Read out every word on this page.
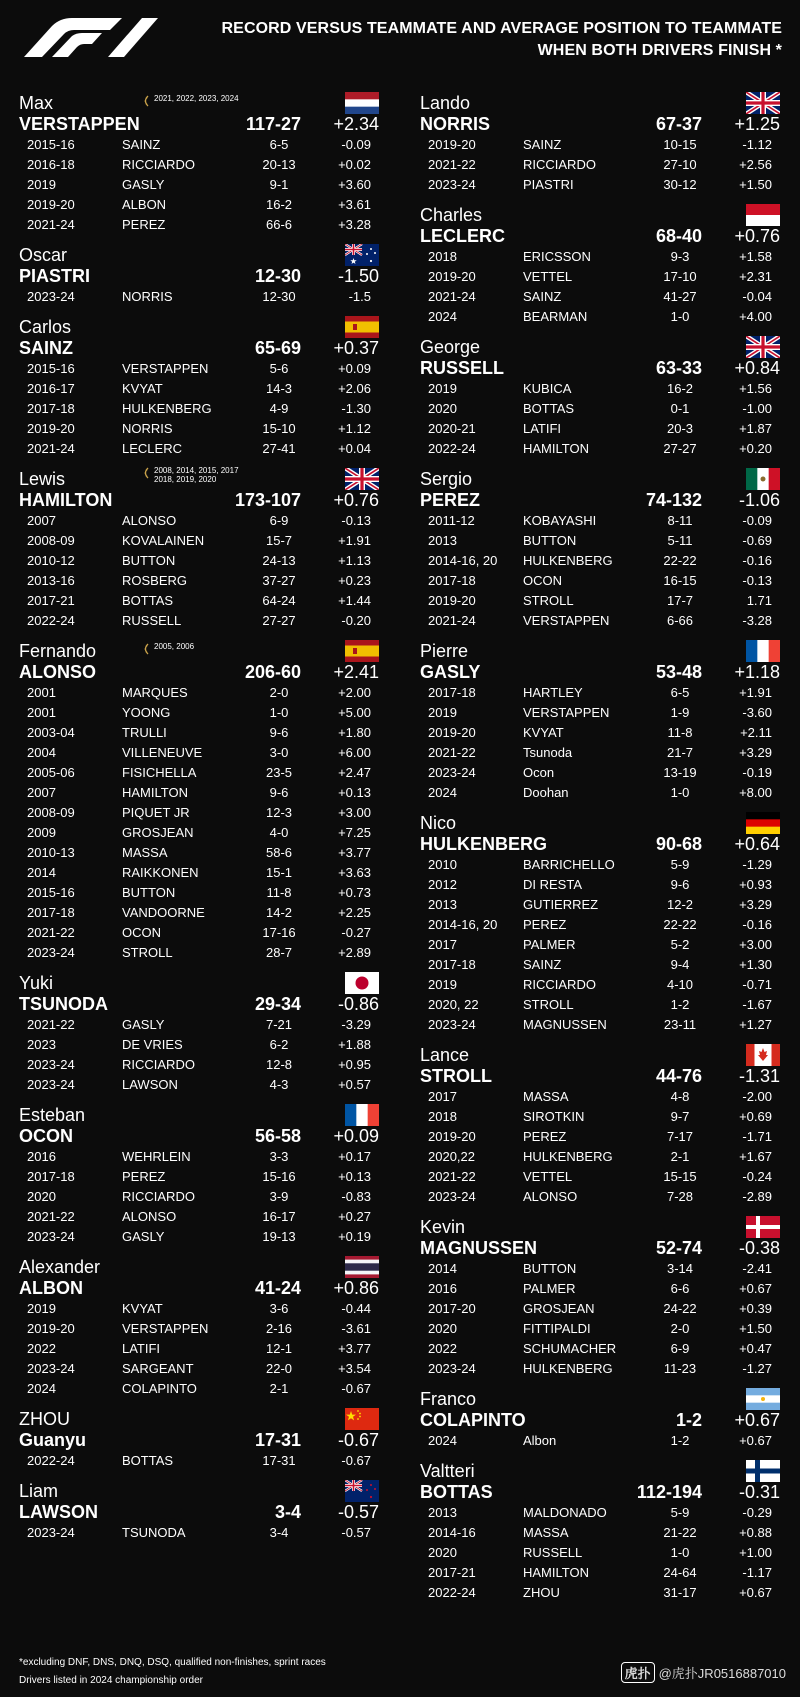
RECORD VERSUS TEAMMATE AND AVERAGE POSITION TO TEAMMATE
WHEN BOTH DRIVERS FINISH *
Max
VERSTAPPEN	117-27 +2.34
2021, 2022, 2023, 2024
2015-16	SAINZ	6-5	-0.09
2016-18	RICCIARDO	20-13	+0.02
2019	GASLY	9-1	+3.60
2019-20	ALBON	16-2	+3.61
2021-24	PEREZ	66-6	+3.28
Oscar
PIASTRI	12-30 -1.50
2023-24	NORRIS	12-30	-1.5
Carlos
SAINZ	65-69 +0.37
2015-16	VERSTAPPEN	5-6	+0.09
2016-17	KVYAT	14-3	+2.06
2017-18	HULKENBERG	4-9	-1.30
2019-20	NORRIS	15-10	+1.12
2021-24	LECLERC	27-41	+0.04
Lewis
HAMILTON	173-107 +0.76
2008, 2014, 2015, 2017
2018, 2019, 2020
2007	ALONSO	6-9	-0.13
2008-09	KOVALAINEN	15-7	+1.91
2010-12	BUTTON	24-13	+1.13
2013-16	ROSBERG	37-27	+0.23
2017-21	BOTTAS	64-24	+1.44
2022-24	RUSSELL	27-27	-0.20
Fernando
ALONSO	206-60 +2.41
2005, 2006
2001	MARQUES	2-0	+2.00
2001	YOONG	1-0	+5.00
2003-04	TRULLI	9-6	+1.80
2004	VILLENEUVE	3-0	+6.00
2005-06	FISICHELLA	23-5	+2.47
2007	HAMILTON	9-6	+0.13
2008-09	PIQUET JR	12-3	+3.00
2009	GROSJEAN	4-0	+7.25
2010-13	MASSA	58-6	+3.77
2014	RAIKKONEN	15-1	+3.63
2015-16	BUTTON	11-8	+0.73
2017-18	VANDOORNE	14-2	+2.25
2021-22	OCON	17-16	-0.27
2023-24	STROLL	28-7	+2.89
Yuki
TSUNODA	29-34 -0.86
2021-22	GASLY	7-21	-3.29
2023	DE VRIES	6-2	+1.88
2023-24	RICCIARDO	12-8	+0.95
2023-24	LAWSON	4-3	+0.57
Esteban
OCON	56-58 +0.09
2016	WEHRLEIN	3-3	+0.17
2017-18	PEREZ	15-16	+0.13
2020	RICCIARDO	3-9	-0.83
2021-22	ALONSO	16-17	+0.27
2023-24	GASLY	19-13	+0.19
Alexander
ALBON	41-24 +0.86
2019	KVYAT	3-6	-0.44
2019-20	VERSTAPPEN	2-16	-3.61
2022	LATIFI	12-1	+3.77
2023-24	SARGEANT	22-0	+3.54
2024	COLAPINTO	2-1	-0.67
ZHOU
Guanyu	17-31 -0.67
2022-24	BOTTAS	17-31	-0.67
Liam
LAWSON	3-4 -0.57
2023-24	TSUNODA	3-4	-0.57
Lando
NORRIS	67-37 +1.25
2019-20	SAINZ	10-15	-1.12
2021-22	RICCIARDO	27-10	+2.56
2023-24	PIASTRI	30-12	+1.50
Charles
LECLERC	68-40 +0.76
2018	ERICSSON	9-3	+1.58
2019-20	VETTEL	17-10	+2.31
2021-24	SAINZ	41-27	-0.04
2024	BEARMAN	1-0	+4.00
George
RUSSELL	63-33 +0.84
2019	KUBICA	16-2	+1.56
2020	BOTTAS	0-1	-1.00
2020-21	LATIFI	20-3	+1.87
2022-24	HAMILTON	27-27	+0.20
Sergio
PEREZ	74-132 -1.06
2011-12	KOBAYASHI	8-11	-0.09
2013	BUTTON	5-11	-0.69
2014-16, 20 HULKENBERG	22-22	-0.16
2017-18	OCON	16-15	-0.13
2019-20	STROLL	17-7	1.71
2021-24	VERSTAPPEN	6-66	-3.28
Pierre
GASLY	53-48 +1.18
2017-18	HARTLEY	6-5	+1.91
2019	VERSTAPPEN	1-9	-3.60
2019-20	KVYAT	11-8	+2.11
2021-22	Tsunoda	21-7	+3.29
2023-24	Ocon	13-19	-0.19
2024	Doohan	1-0	+8.00
Nico
HULKENBERG	90-68 +0.64
2010	BARRICHELLO	5-9	-1.29
2012	DI RESTA	9-6	+0.93
2013	GUTIERREZ	12-2	+3.29
2014-16, 20 PEREZ	22-22	-0.16
2017	PALMER	5-2	+3.00
2017-18	SAINZ	9-4	+1.30
2019	RICCIARDO	4-10	-0.71
2020, 22	STROLL	1-2	-1.67
2023-24	MAGNUSSEN	23-11	+1.27
Lance
STROLL	44-76 -1.31
2017	MASSA	4-8	-2.00
2018	SIROTKIN	9-7	+0.69
2019-20	PEREZ	7-17	-1.71
2020,22	HULKENBERG	2-1	+1.67
2021-22	VETTEL	15-15	-0.24
2023-24	ALONSO	7-28	-2.89
Kevin
MAGNUSSEN	52-74 -0.38
2014	BUTTON	3-14	-2.41
2016	PALMER	6-6	+0.67
2017-20	GROSJEAN	24-22	+0.39
2020	FITTIPALDI	2-0	+1.50
2022	SCHUMACHER	6-9	+0.47
2023-24	HULKENBERG	11-23	-1.27
Franco
COLAPINTO	1-2 +0.67
2024	Albon	1-2	+0.67
Valtteri
BOTTAS	112-194 -0.31
2013	MALDONADO	5-9	-0.29
2014-16	MASSA	21-22	+0.88
2020	RUSSELL	1-0	+1.00
2017-21	HAMILTON	24-64	-1.17
2022-24	ZHOU	31-17	+0.67
*excluding DNF, DNS, DNQ, DSQ, qualified non-finishes, sprint races
Drivers listed in 2024 championship order	虎扑 @虎扑JR0516887010
